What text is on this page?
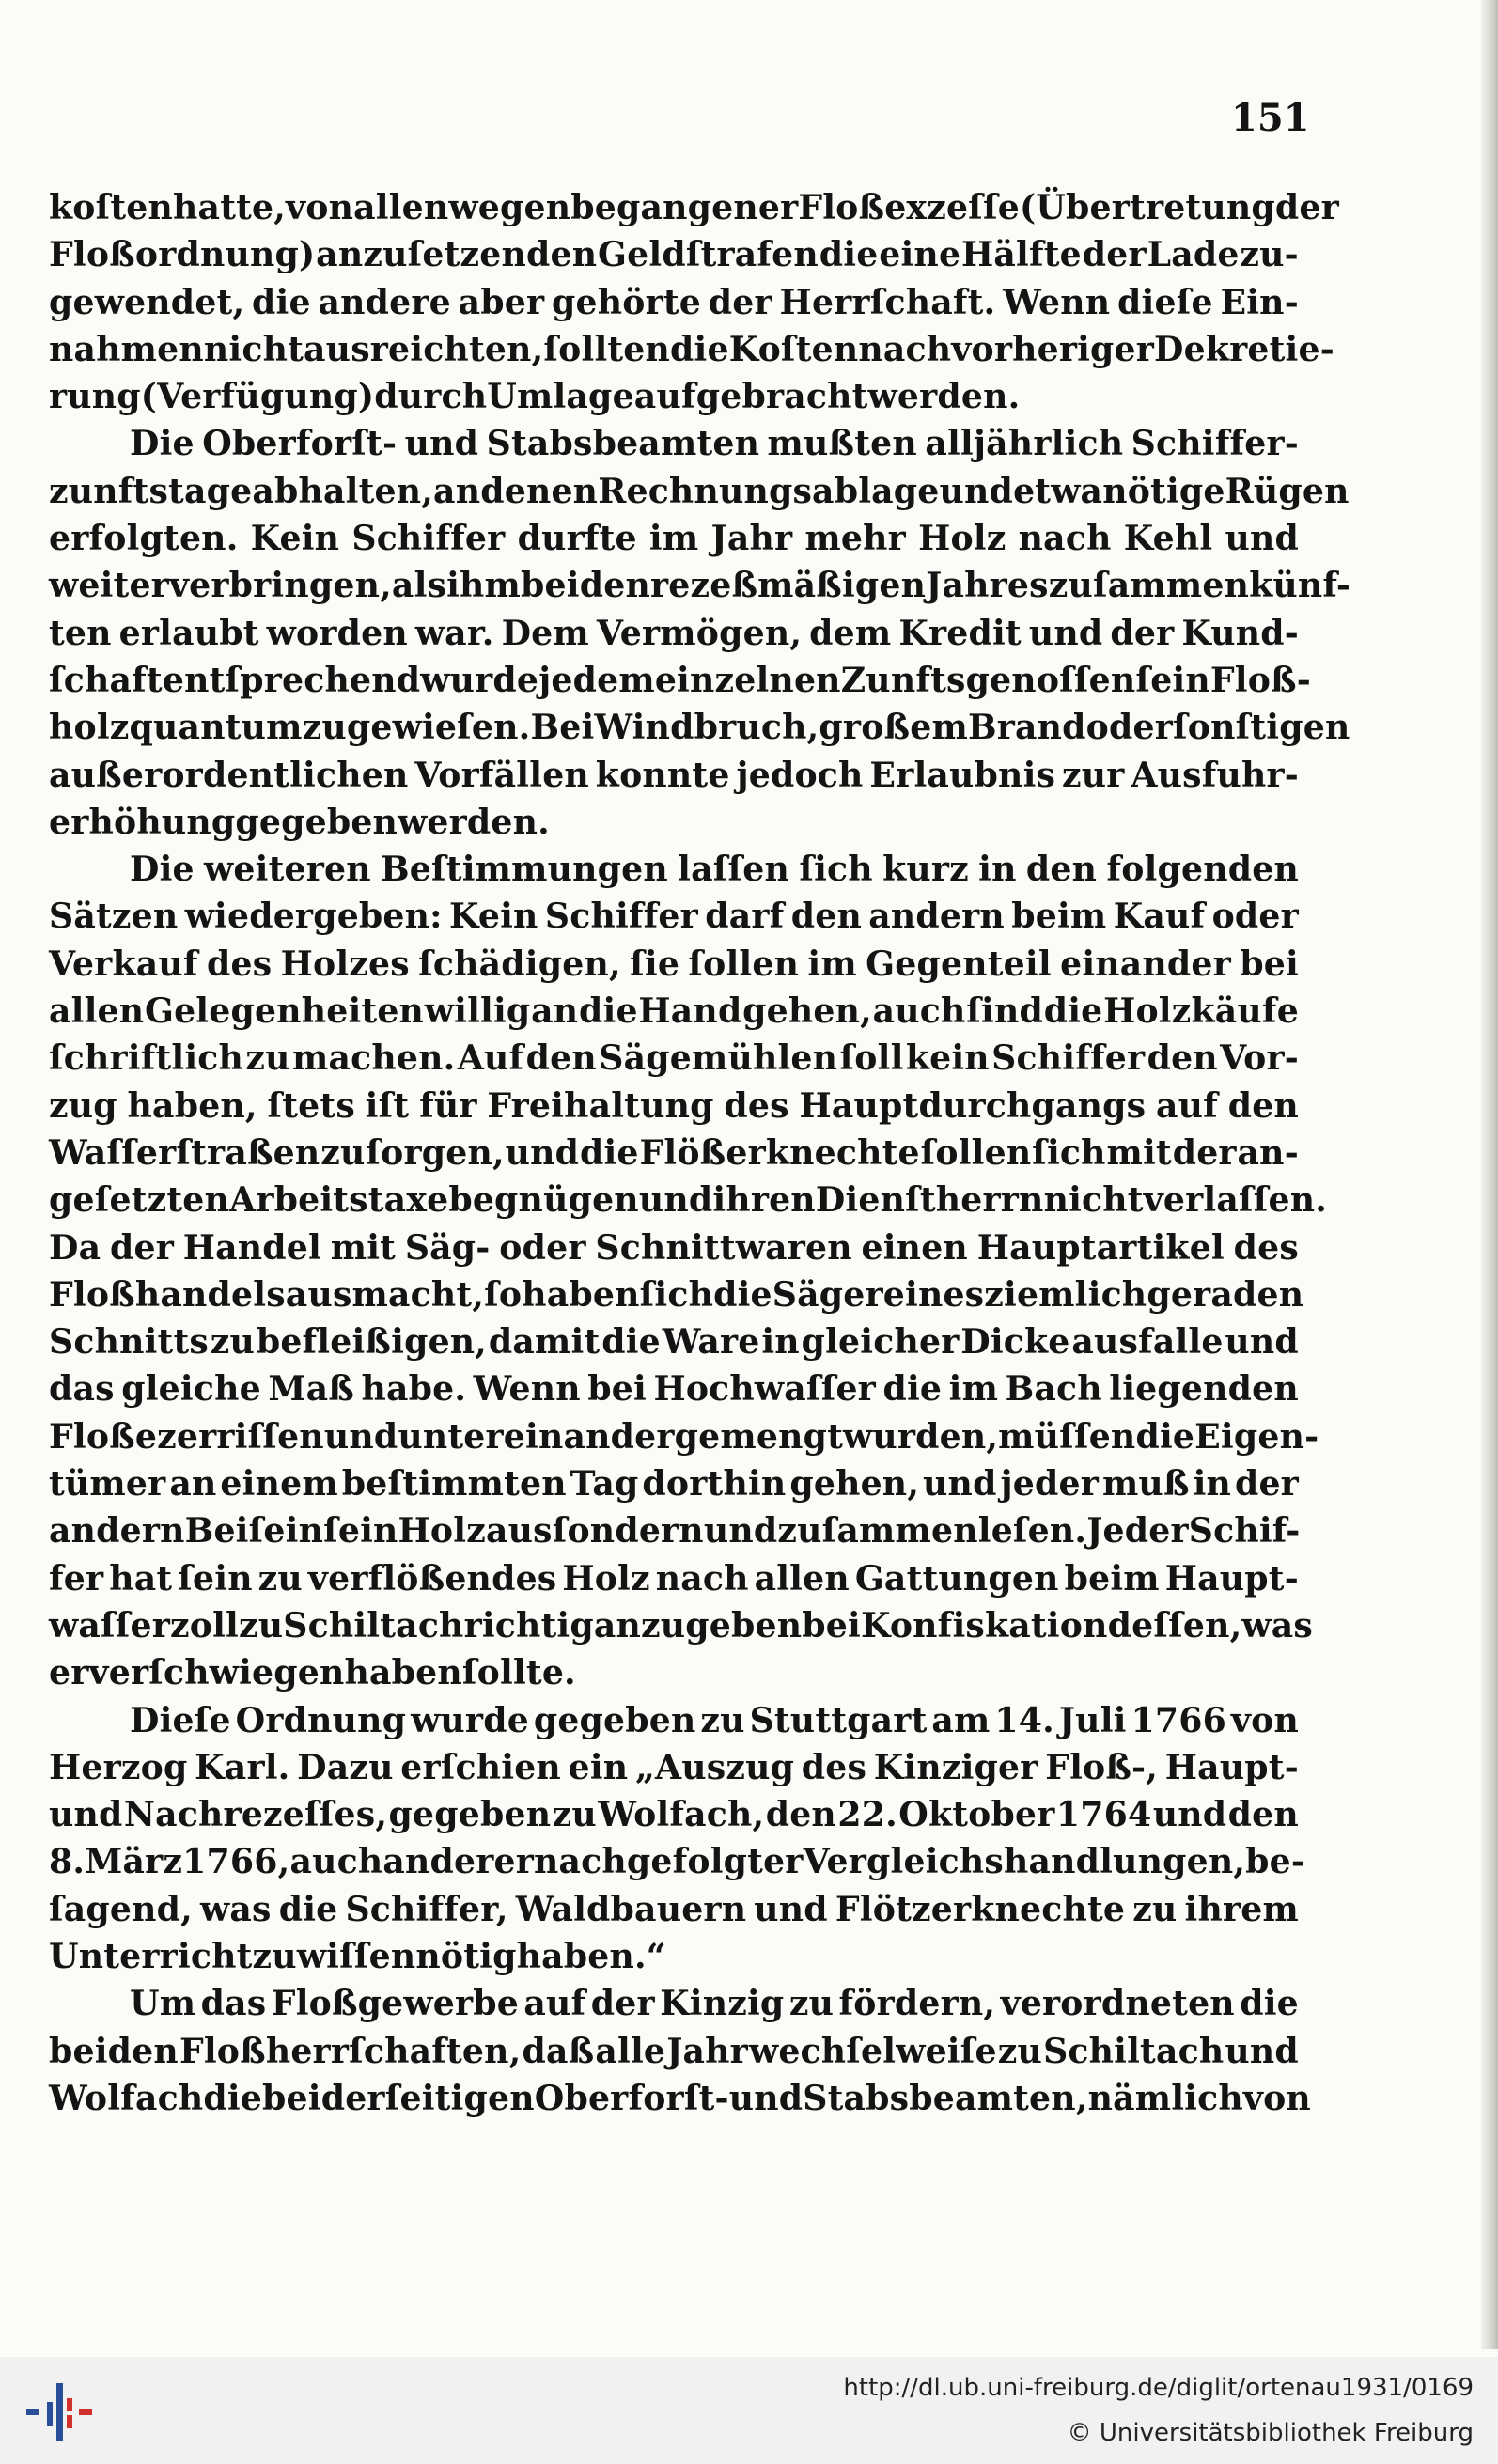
151
koſten hatte, von allen wegen begangener Floßexzeſſe (Übertretung der
Floßordnung) anzuſetzenden Geldſtrafen die eine Hälfte der Lade zu-
gewendet, die andere aber gehörte der Herrſchaft. Wenn dieſe Ein-
nahmen nicht ausreichten, ſollten die Koſten nach vorheriger Dekretie-
rung (Verfügung) durch Umlage aufgebracht werden.
Die Oberforſt- und Stabsbeamten mußten alljährlich Schiffer-
zunftstage abhalten, an denen Rechnungsablage und etwa nötige Rügen
erfolgten. Kein Schiffer durfte im Jahr mehr Holz nach Kehl und
weiter verbringen, als ihm bei den rezeßmäßigen Jahreszuſammenkünf-
ten erlaubt worden war. Dem Vermögen, dem Kredit und der Kund-
ſchaft entſprechend wurde jedem einzelnen Zunftsgenoſſen ſein Floß-
holzquantum zugewieſen. Bei Windbruch, großem Brand oder ſonſtigen
außerordentlichen Vorfällen konnte jedoch Erlaubnis zur Ausfuhr-
erhöhung gegeben werden.
Die weiteren Beſtimmungen laſſen ſich kurz in den folgenden
Sätzen wiedergeben: Kein Schiffer darf den andern beim Kauf oder
Verkauf des Holzes ſchädigen, ſie ſollen im Gegenteil einander bei
allen Gelegenheiten willig an die Hand gehen, auch ſind die Holzkäufe
ſchriftlich zu machen. Auf den Sägemühlen ſoll kein Schiffer den Vor-
zug haben, ſtets iſt für Freihaltung des Hauptdurchgangs auf den
Waſſerſtraßen zu ſorgen, und die Flößerknechte ſollen ſich mit der an-
geſetzten Arbeitstaxe begnügen und ihren Dienſtherrn nicht verlaſſen.
Da der Handel mit Säg- oder Schnittwaren einen Hauptartikel des
Floßhandels ausmacht, ſo haben ſich die Säger eines ziemlich geraden
Schnitts zu befleißigen, damit die Ware in gleicher Dicke ausfalle und
das gleiche Maß habe. Wenn bei Hochwaſſer die im Bach liegenden
Floße zerriſſen und untereinander gemengt wurden, müſſen die Eigen-
tümer an einem beſtimmten Tag dorthin gehen, und jeder muß in der
andern Beiſein ſein Holz ausſondern und zuſammenleſen. Jeder Schif-
fer hat ſein zu verflößendes Holz nach allen Gattungen beim Haupt-
waſſerzoll zu Schiltach richtig anzugeben bei Konfiskation deſſen, was
er verſchwiegen haben ſollte.
Dieſe Ordnung wurde gegeben zu Stuttgart am 14. Juli 1766 von
Herzog Karl. Dazu erſchien ein „Auszug des Kinziger Floß-, Haupt-
und Nachrezeſſes, gegeben zu Wolfach, den 22. Oktober 1764 und den
8. März 1766, auch anderer nachgefolgter Vergleichshandlungen, be-
ſagend, was die Schiffer, Waldbauern und Flötzerknechte zu ihrem
Unterricht zu wiſſen nötig haben.“
Um das Floßgewerbe auf der Kinzig zu fördern, verordneten die
beiden Floßherrſchaften, daß alle Jahr wechſelweiſe zu Schiltach und
Wolfach die beiderſeitigen Oberforſt- und Stabsbeamten, nämlich von
http://dl.ub.uni-freiburg.de/diglit/ortenau1931/0169
© Universitätsbibliothek Freiburg
